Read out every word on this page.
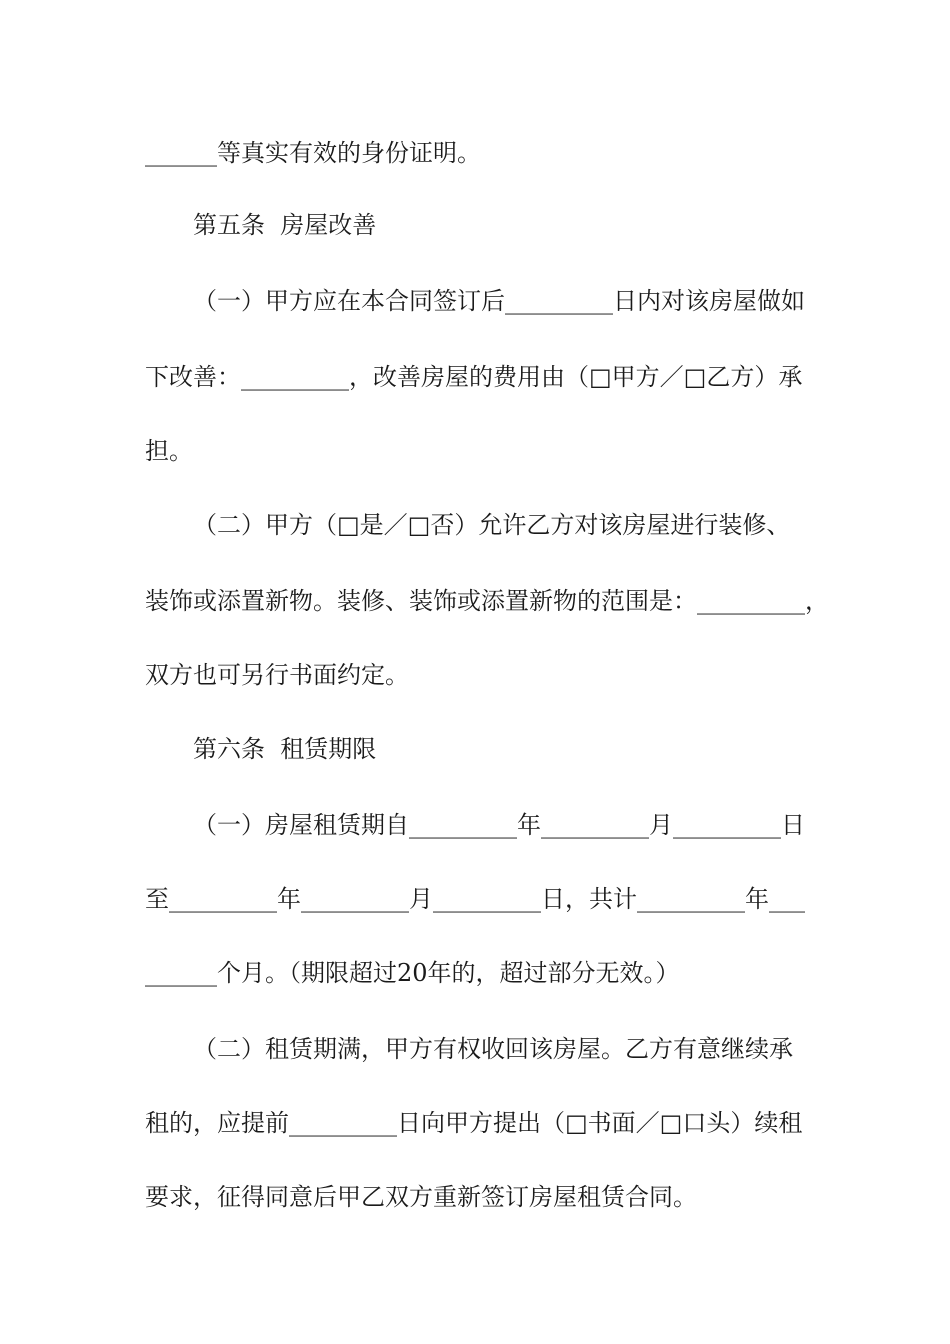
______等真实有效的身份证明。
第五条  房屋改善
（一）甲方应在本合同签订后_________日内对该房屋做如
下改善：_________，改善房屋的费用由（□甲方／□乙方）承
担。
（二）甲方（□是／□否）允许乙方对该房屋进行装修、
装饰或添置新物。装修、装饰或添置新物的范围是：_________，
双方也可另行书面约定。
第六条  租赁期限
（一）房屋租赁期自_________年_________月_________日
至_________年_________月_________日，共计_________年___
______个月。（期限超过20年的，超过部分无效。）
（二）租赁期满，甲方有权收回该房屋。乙方有意继续承
租的，应提前_________日向甲方提出（□书面／□口头）续租
要求，征得同意后甲乙双方重新签订房屋租赁合同。
